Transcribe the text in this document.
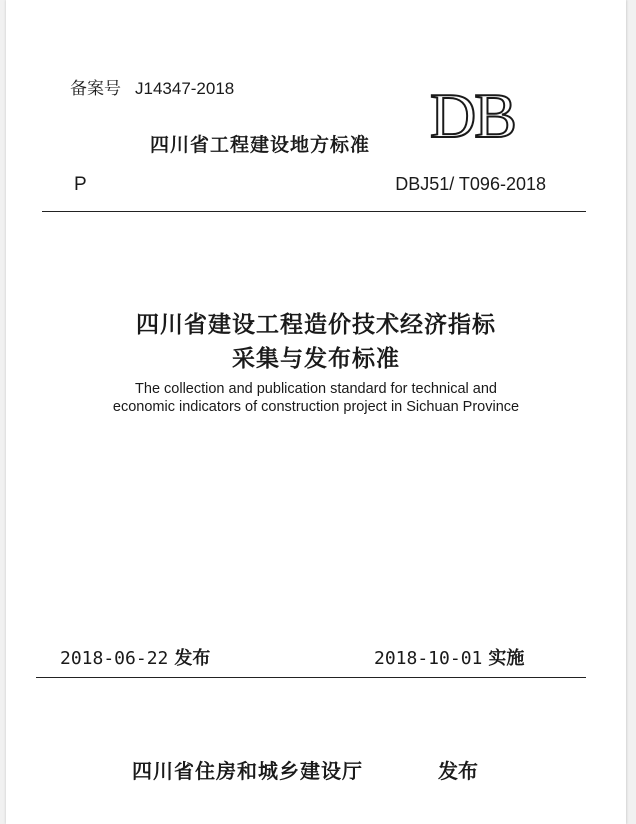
备案号 J14347-2018
四川省工程建设地方标准 DB
P	DBJ51/ T096-2018
四川省建设工程造价技术经济指标
采集与发布标准
The collection and publication standard for technical and
economic indicators of construction project in Sichuan Province
2018-06-22 发布	2018-10-01 实施
四川省住房和城乡建设厅	发布
